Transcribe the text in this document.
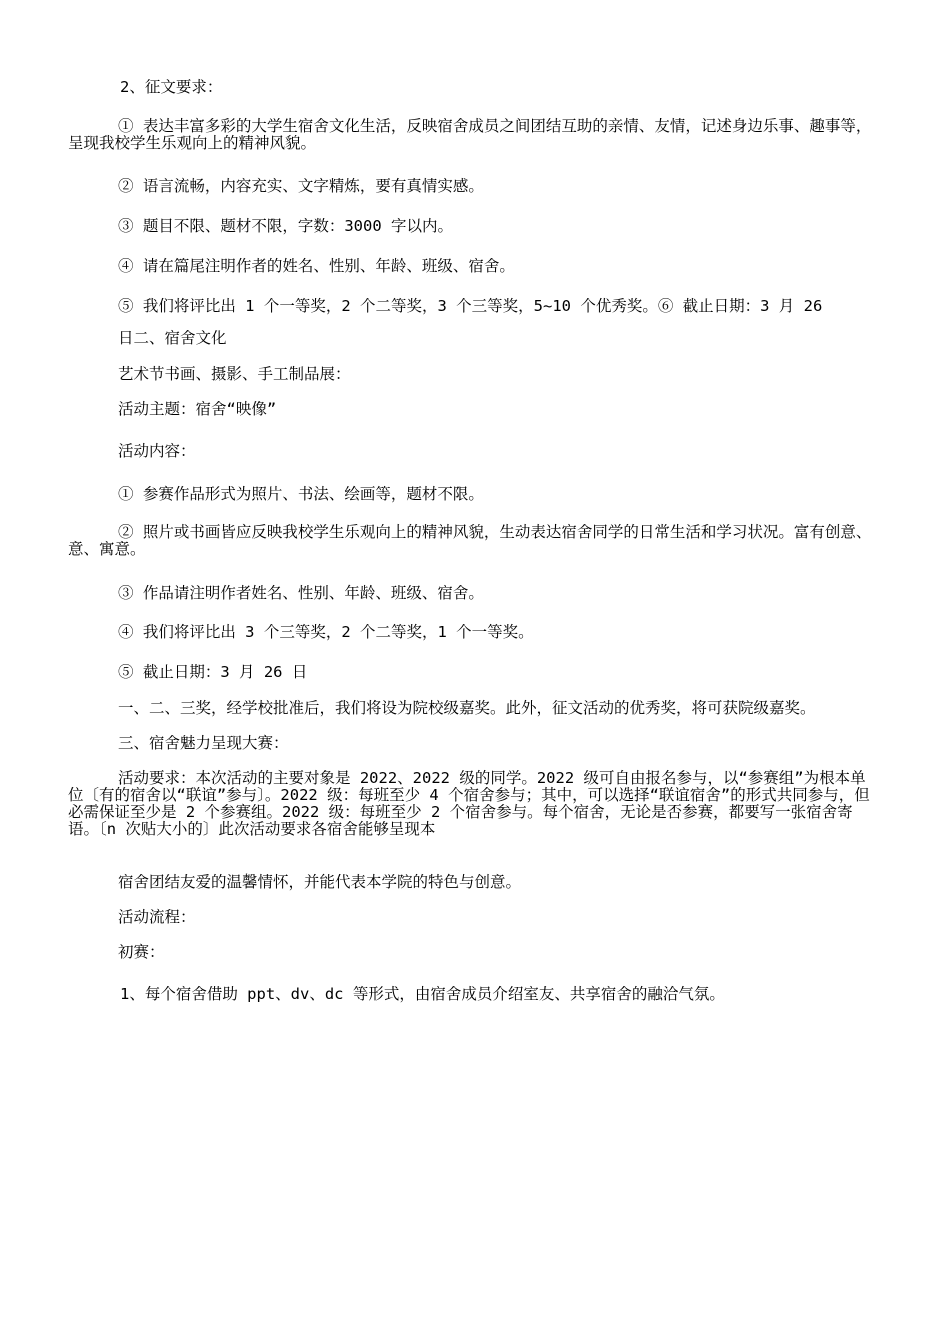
2、征文要求：
① 表达丰富多彩的大学生宿舍文化生活，反映宿舍成员之间团结互助的亲情、友情，记述身边乐事、趣事等，呈现我校学生乐观向上的精神风貌。
② 语言流畅，内容充实、文字精炼，要有真情实感。
③ 题目不限、题材不限，字数：3000 字以内。
④ 请在篇尾注明作者的姓名、性别、年龄、班级、宿舍。
⑤ 我们将评比出 1 个一等奖，2 个二等奖，3 个三等奖，5~10 个优秀奖。⑥ 截止日期：3 月 26
日二、宿舍文化
艺术节书画、摄影、手工制品展：
活动主题：宿舍“映像”
活动内容：
① 参赛作品形式为照片、书法、绘画等，题材不限。
② 照片或书画皆应反映我校学生乐观向上的精神风貌，生动表达宿舍同学的日常生活和学习状况。富有创意、意、寓意。
③ 作品请注明作者姓名、性别、年龄、班级、宿舍。
④ 我们将评比出 3 个三等奖，2 个二等奖，1 个一等奖。
⑤ 截止日期：3 月 26 日
一、二、三奖，经学校批准后，我们将设为院校级嘉奖。此外，征文活动的优秀奖，将可获院级嘉奖。
三、宿舍魅力呈现大赛：
活动要求：本次活动的主要对象是 2022、2022 级的同学。2022 级可自由报名参与，以“参赛组”为根本单位〔有的宿舍以“联谊”参与〕。2022 级：每班至少 4 个宿舍参与；其中，可以选择“联谊宿舍”的形式共同参与，但必需保证至少是 2 个参赛组。2022 级：每班至少 2 个宿舍参与。每个宿舍，无论是否参赛，都要写一张宿舍寄语。〔n 次贴大小的〕此次活动要求各宿舍能够呈现本
宿舍团结友爱的温馨情怀，并能代表本学院的特色与创意。
活动流程：
初赛：
1、每个宿舍借助 ppt、dv、dc 等形式，由宿舍成员介绍室友、共享宿舍的融洽气氛。
